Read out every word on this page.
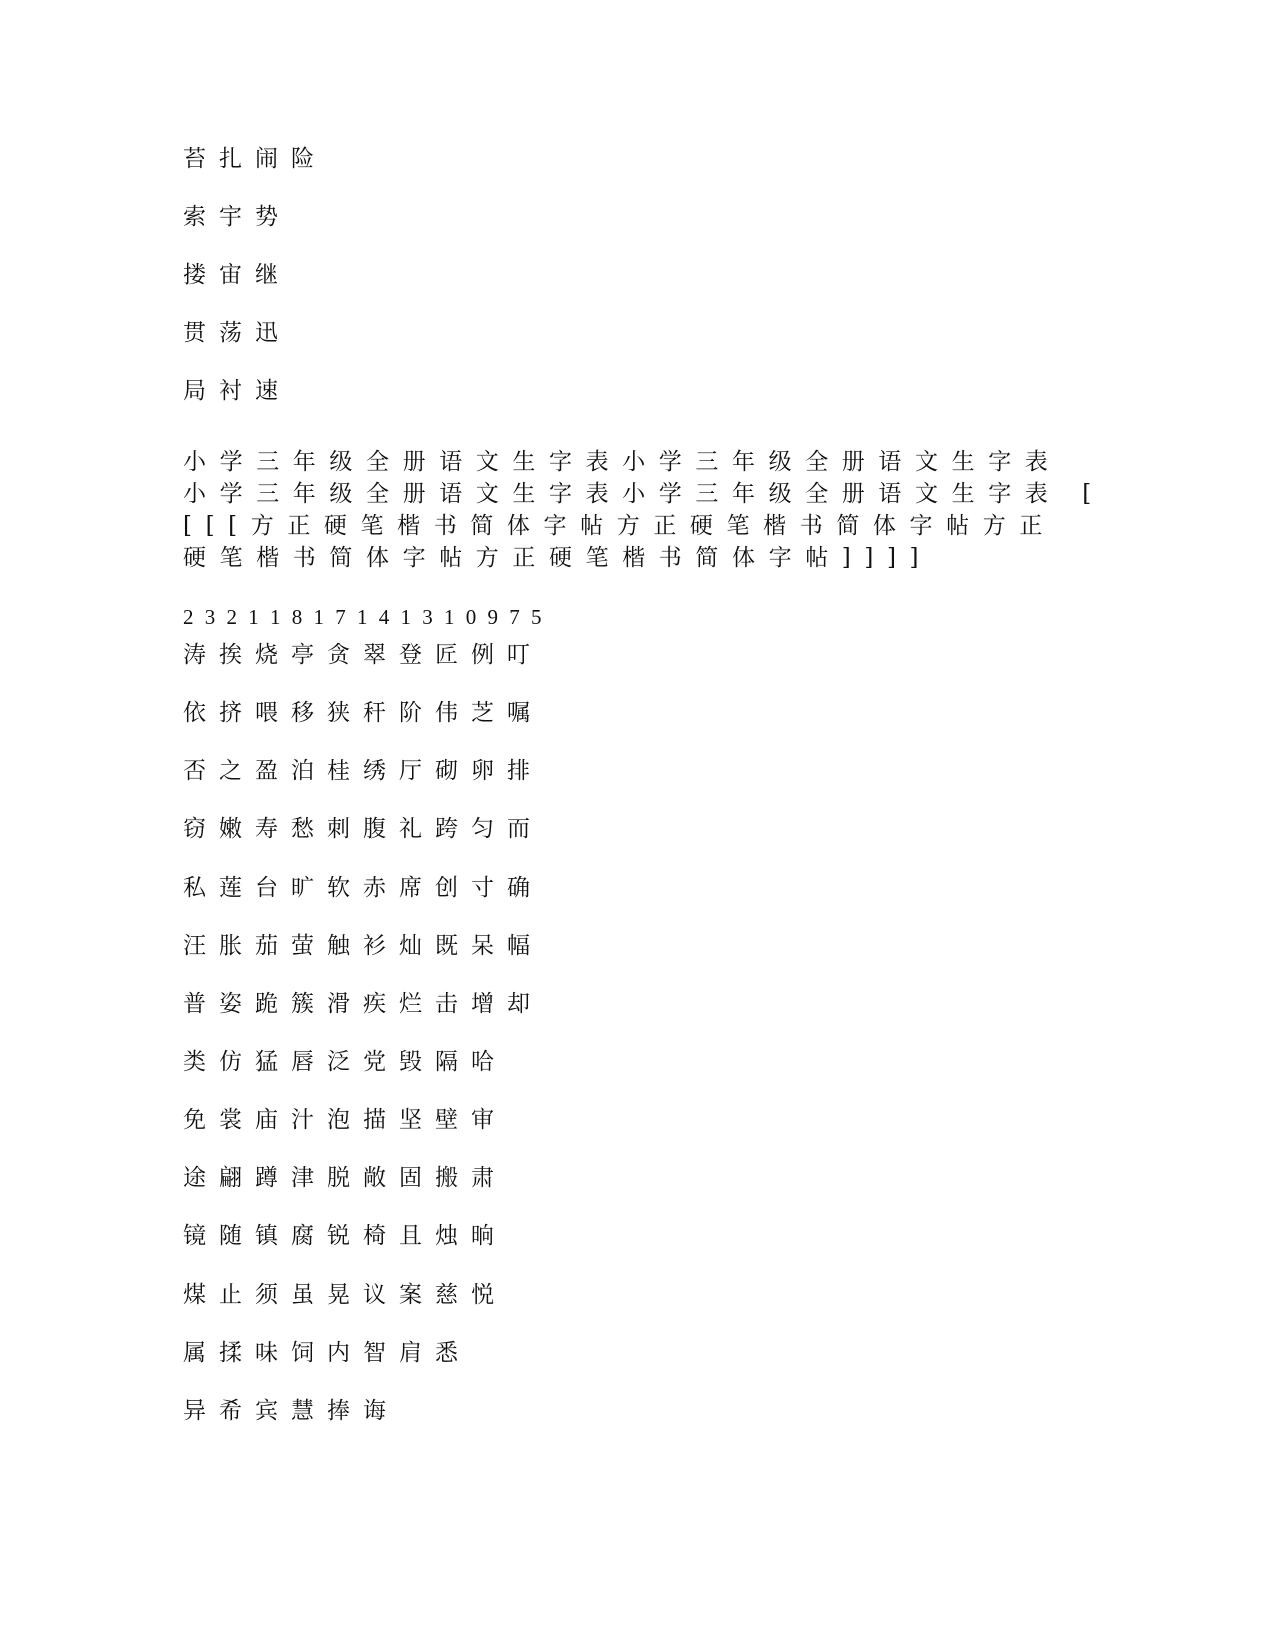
苔扎闹险

索宇势

搂宙继

贯荡迅

局衬速

小学三年级全册语文生字表小学三年级全册语文生字表
小学三年级全册语文生字表小学三年级全册语文生字表 [
[[[方正硬笔楷书简体字帖方正硬笔楷书简体字帖方正
硬笔楷书简体字帖方正硬笔楷书简体字帖]]]]

2 3 2 1 1 8 1 7 1 4 1 3 1 0 9 7 5

涛挨烧亭贪翠登匠例叮

依挤喂移狭秆阶伟芝嘱

否之盈泊桂绣厅砌卵排

窃嫩寿愁刺腹礼跨匀而

私莲台旷软赤席创寸确

汪胀茄萤触衫灿既呆幅

普姿跪簇滑疾烂击增却

类仿猛唇泛党毁隔哈

免裳庙汁泡描坚壁审

途翩蹲津脱敞固搬肃

镜随镇腐锐椅且烛晌

煤止须虽晃议案慈悦

属揉味饲内智肩悉

异希宾慧捧诲
